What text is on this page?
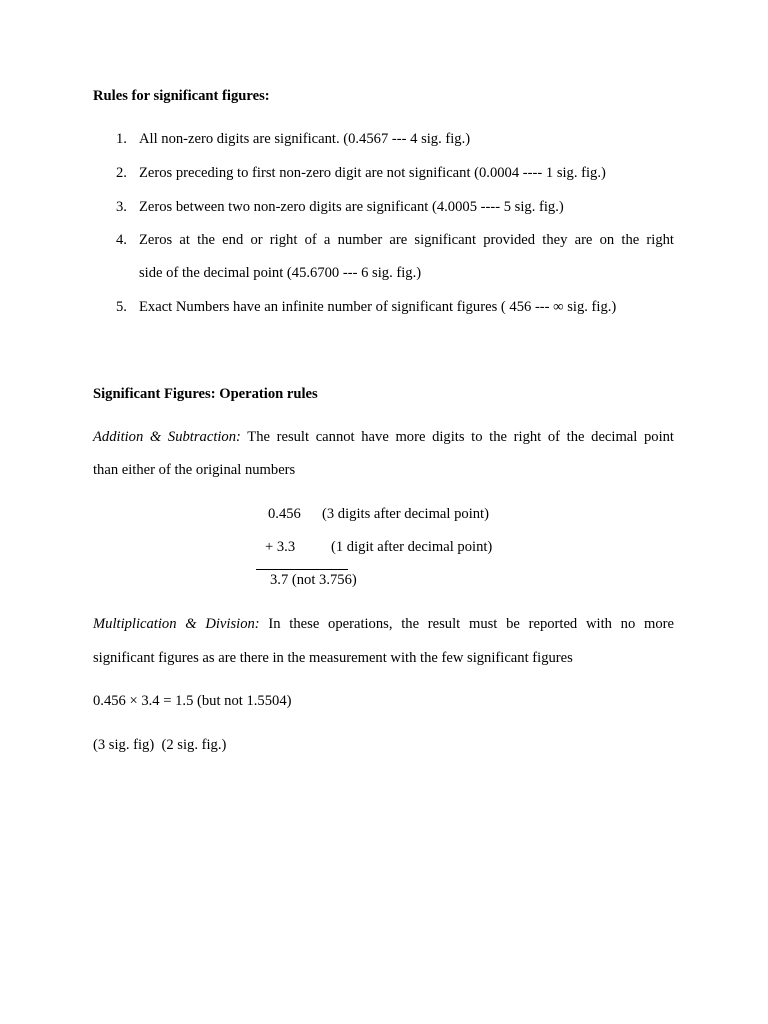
Rules for significant figures:
1. All non-zero digits are significant. (0.4567 --- 4 sig. fig.)
2. Zeros preceding to first non-zero digit are not significant (0.0004 ---- 1 sig. fig.)
3. Zeros between two non-zero digits are significant (4.0005 ---- 5 sig. fig.)
4. Zeros at the end or right of a number are significant provided they are on the right
side of the decimal point (45.6700 --- 6 sig. fig.)
5. Exact Numbers have an infinite number of significant figures ( 456 --- ∞ sig. fig.)
Significant Figures: Operation rules
Addition & Subtraction: The result cannot have more digits to the right of the decimal point
than either of the original numbers
0.456 (3 digits after decimal point)
+ 3.3 (1 digit after decimal point)
3.7 (not 3.756)
Multiplication & Division: In these operations, the result must be reported with no more
significant figures as are there in the measurement with the few significant figures
0.456 × 3.4 = 1.5 (but not 1.5504)
(3 sig. fig)  (2 sig. fig.)
